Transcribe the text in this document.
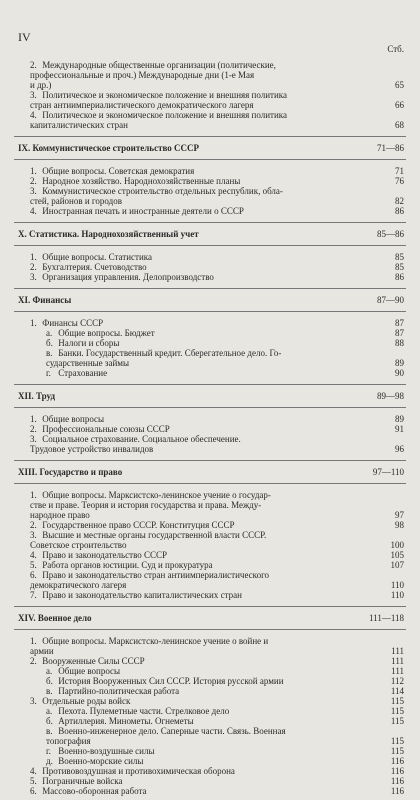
IV
Стб.
2. Международные общественные организации (политические,
профессиональные и проч.) Международные дни (1-е Мая
и др.)	65
3. Политическое и экономическое положение и внешняя политика
стран антиимпериалистического демократического лагеря	66
4. Политическое и экономическое положение и внешняя политика
капиталистических стран	68
IX. Коммунистическое строительство СССР	71—86
1. Общие вопросы. Советская демократия	71
2. Народное хозяйство. Народнохозяйственные планы	76
3. Коммунистическое строительство отдельных республик, обла-
стей, районов и городов	82
4. Иностранная печать и иностранные деятели о СССР	86
X. Статистика. Народнохозяйственный учет	85—86
1. Общие вопросы. Статистика	85
2. Бухгалтерия. Счетоводство	85
3. Организация управления. Делопроизводство	86
XI. Финансы	87—90
1. Финансы СССР	87
а. Общие вопросы. Бюджет	87
б. Налоги и сборы	88
в. Банки. Государственный кредит. Сберегательное дело. Го-
сударственные займы	89
г. Страхование	90
XII. Труд	89—98
1. Общие вопросы	89
2. Профессиональные союзы СССР	91
3. Социальное страхование. Социальное обеспечение.
Трудовое устройство инвалидов	96
XIII. Государство и право	97—110
1. Общие вопросы. Марксистско-ленинское учение о государ-
стве и праве. Теория и история государства и права. Между-
народное право	97
2. Государственное право СССР. Конституция СССР	98
3. Высшие и местные органы государственной власти СССР.
Советское строительство	100
4. Право и законодательство СССР	105
5. Работа органов юстиции. Суд и прокуратура	107
6. Право и законодательство стран антиимпериалистического
демократического лагеря	110
7. Право и законодательство капиталистических стран	110
XIV. Военное дело	111—118
1. Общие вопросы. Марксистско-ленинское учение о войне и
армии	111
2. Вооруженные Силы СССР	111
а. Общие вопросы	111
б. История Вооруженных Сил СССР. История русской армии	112
в. Партийно-политическая работа	114
3. Отдельные роды войск	115
а. Пехота. Пулеметные части. Стрелковое дело	115
б. Артиллерия. Минометы. Огнеметы	115
в. Военно-инженерное дело. Саперные части. Связь. Военная
топография	115
г. Военно-воздушные силы	115
д. Военно-морские силы	116
4. Противовоздушная и противохимическая оборона	116
5. Пограничные войска	116
6. Массово-оборонная работа	116
